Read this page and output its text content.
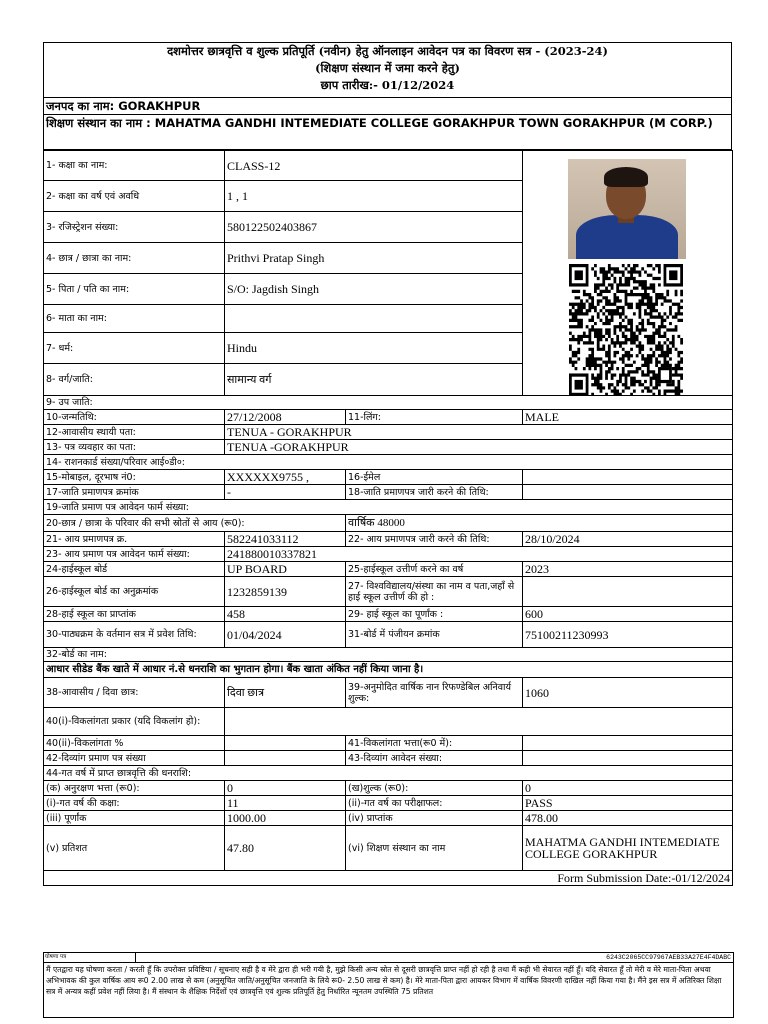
दशमोत्तर छात्रवृत्ति व शुल्क प्रतिपूर्ति (नवीन) हेतु ऑनलाइन आवेदन पत्र का विवरण सत्र - (2023-24)
(शिक्षण संस्थान में जमा करने हेतु)
छाप तारीख:- 01/12/2024
जनपद का नाम: GORAKHPUR
शिक्षण संस्थान का नाम : MAHATMA GANDHI INTEMEDIATE COLLEGE GORAKHPUR TOWN GORAKHPUR (M CORP.)
1- कक्षा का नाम:	CLASS-12	

2- कक्षा का वर्ष एवं अवधि	1 , 1		
3- रजिस्ट्रेशन संख्या:	580122502403867		
4- छात्र / छात्रा का नाम:	Prithvi Pratap Singh		
5- पिता / पति का नाम:	S/O: Jagdish Singh		
6- माता का नाम:			
7- धर्म:	Hindu		
8- वर्ग/जाति:	सामान्य वर्ग		
9- उप जाति:			
10-जन्मतिथि:	27/12/2008	11-लिंग:	MALE
12-आवासीय स्थायी पता:	TENUA - GORAKHPUR		
13- पत्र व्यवहार का पता:	TENUA -GORAKHPUR		
14- राशनकार्ड संख्या/परिवार आई०डी०:			
15-मोबाइल, दूरभाष नं0:	XXXXXX9755 ,	16-ईमेल	
17-जाति प्रमाणपत्र क्रमांक	-	18-जाति प्रमाणपत्र जारी करने की तिथि:	
19-जाति प्रमाण पत्र आवेदन फार्म संख्या:			
20-छात्र / छात्रा के परिवार की सभी स्रोतों से आय (रू0):		वार्षिक 48000	
21- आय प्रमाणपत्र क्र.	582241033112	22- आय प्रमाणपत्र जारी करने की तिथि:	28/10/2024
23- आय प्रमाण पत्र आवेदन फार्म संख्या:	241880010337821		
24-हाईस्कूल बोर्ड	UP BOARD	25-हाईस्कूल उत्तीर्ण करने का वर्ष	2023
26-हाईस्कूल बोर्ड का अनुक्रमांक	1232859139	27- विश्वविद्यालय/संस्था का नाम व पता,जहाँ से हाई स्कूल उत्तीर्ण की हो :	
28-हाई स्कूल का प्राप्तांक	458	29- हाई स्कूल का पूर्णांक :	600
30-पाठ्यक्रम के वर्तमान सत्र में प्रवेश तिथि:	01/04/2024	31-बोर्ड में पंजीयन क्रमांक	75100211230993
32-बोर्ड का नाम:			
आधार सीडेड बैंक खाते में आधार नं.से धनराशि का भुगतान होगा। बैंक खाता अंकित नहीं किया जाना है।			
38-आवासीय / दिवा छात्र:	दिवा छात्र	39-अनुमोदित वार्षिक नान रिफण्डेबिल अनिवार्य शुल्क:	1060
40(i)-विकलांगता प्रकार (यदि विकलांग हो):			
40(ii)-विकलांगता %		41-विकलांगता भत्ता(रू0 में):	
42-दिव्यांग प्रमाण पत्र संख्या		43-दिव्यांग आवेदन संख्या:	
44-गत वर्ष में प्राप्त छात्रवृत्ति की धनराशि:			
(क) अनुरक्षण भत्ता (रू0):	0	(ख)शुल्क (रू0):	0
(i)-गत वर्ष की कक्षा:	11	(ii)-गत वर्ष का परीक्षाफल:	PASS
(iii) पूर्णांक	1000.00	(iv) प्राप्तांक	478.00
(v) प्रतिशत	47.80	(vi) शिक्षण संस्थान का नाम	MAHATMA GANDHI INTEMEDIATE COLLEGE GORAKHPUR
Form Submission Date:-01/12/2024			
घोषणा पत्र	6243C2065CC97967AEB33A27E4F4DABC
मैं एतद्वारा यह घोषणा करता / करती हूँ कि उपरोक्त प्रविष्टिया / सूचनाए सही है व मेरे द्वारा ही भरी गयी है, मुझे किसी अन्य स्रोत से दूसरी छात्रवृत्ति प्राप्त नहीं हो रही है तथा मैं कही भी सेवारत नहीं हूँ। यदि सेवारत हूँ तो मेरी व मेरे माता-पिता अथवा अभिभावक की कुल वार्षिक आय रू0 2.00 लाख से कम (अनुसूचित जाति/अनुसूचित जनजाति के लिये रू0- 2.50 लाख से कम) है। मेरे माता-पिता द्वारा आयकर विभाग में वार्षिक विवरणी दाखिल नहीं किया गया है। मैंने इस सत्र में अतिरिक्त शिक्षा सत्र में अन्यत्र कहीं प्रवेश नहीं लिया है। मैं संस्थान के शैक्षिक निर्देशों एवं छात्रवृत्ति एवं शुल्क प्रतिपूर्ति हेतु निर्धारित न्यूनतम उपस्थिति 75 प्रतिशत
